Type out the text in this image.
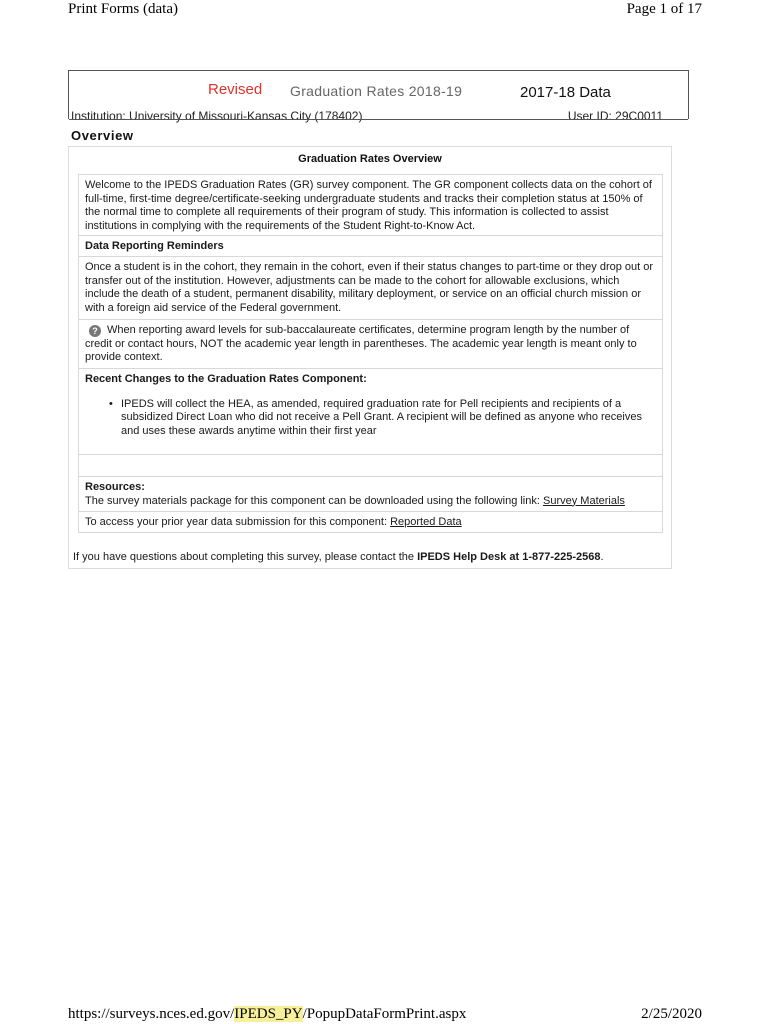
Print Forms (data)	Page 1 of 17
Revised Graduation Rates 2018-19	2017-18 Data
Institution: University of Missouri-Kansas City (178402)	User ID: 29C0011
Overview
Graduation Rates Overview
Welcome to the IPEDS Graduation Rates (GR) survey component. The GR component collects data on the cohort of full-time, first-time degree/certificate-seeking undergraduate students and tracks their completion status at 150% of the normal time to complete all requirements of their program of study. This information is collected to assist institutions in complying with the requirements of the Student Right-to-Know Act.
Data Reporting Reminders
Once a student is in the cohort, they remain in the cohort, even if their status changes to part-time or they drop out or transfer out of the institution. However, adjustments can be made to the cohort for allowable exclusions, which include the death of a student, permanent disability, military deployment, or service on an official church mission or with a foreign aid service of the Federal government.
? When reporting award levels for sub-baccalaureate certificates, determine program length by the number of credit or contact hours, NOT the academic year length in parentheses. The academic year length is meant only to provide context.
Recent Changes to the Graduation Rates Component:
• IPEDS will collect the HEA, as amended, required graduation rate for Pell recipients and recipients of a subsidized Direct Loan who did not receive a Pell Grant. A recipient will be defined as anyone who receives and uses these awards anytime within their first year
Resources:
The survey materials package for this component can be downloaded using the following link: Survey Materials
To access your prior year data submission for this component: Reported Data
If you have questions about completing this survey, please contact the IPEDS Help Desk at 1-877-225-2568.
https://surveys.nces.ed.gov/IPEDS_PY/PopupDataFormPrint.aspx	2/25/2020
